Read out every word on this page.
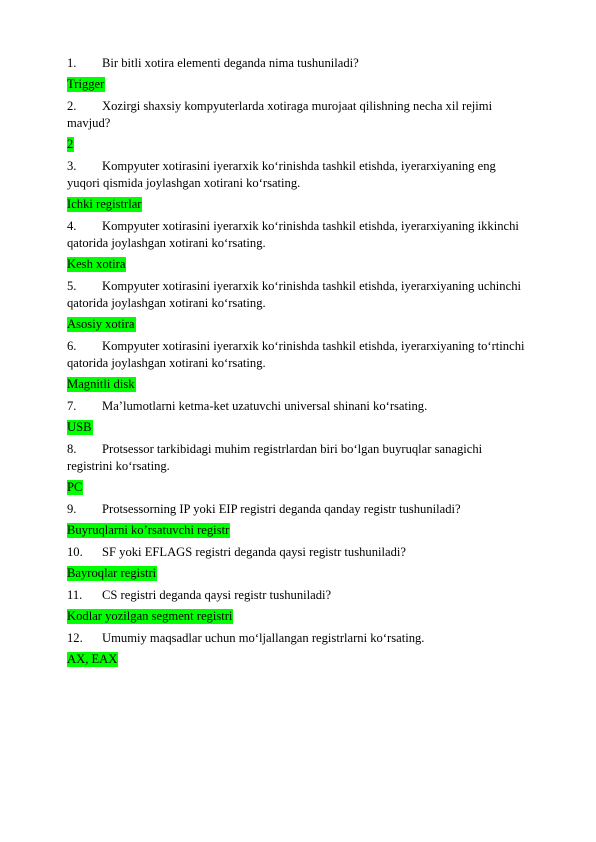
1. Bir bitli xotira elementi deganda nima tushuniladi?

Trigger

2. Xozirgi shaxsiy kompyuterlarda xotiraga murojaat qilishning necha xil rejimi mavjud?

2

3. Kompyuter xotirasini iyerarxik ko‘rinishda tashkil etishda, iyerarxiyaning eng yuqori qismida joylashgan xotirani ko‘rsating.

Ichki registrlar

4. Kompyuter xotirasini iyerarxik ko‘rinishda tashkil etishda, iyerarxiyaning ikkinchi qatorida joylashgan xotirani ko‘rsating.

Kesh xotira

5. Kompyuter xotirasini iyerarxik ko‘rinishda tashkil etishda, iyerarxiyaning uchinchi qatorida joylashgan xotirani ko‘rsating.

Asosiy xotira

6. Kompyuter xotirasini iyerarxik ko‘rinishda tashkil etishda, iyerarxiyaning to‘rtinchi qatorida joylashgan xotirani ko‘rsating.

Magnitli disk

7. Ma’lumotlarni ketma-ket uzatuvchi universal shinani ko‘rsating.

USB

8. Protsessor tarkibidagi muhim registrlardan biri bo‘lgan buyruqlar sanagichi registrini ko‘rsating.

PC

9. Protsessorning IP yoki EIP registri deganda qanday registr tushuniladi?

Buyruqlarni ko’rsatuvchi registr

10. SF yoki EFLAGS registri deganda qaysi registr tushuniladi?

Bayroqlar registri

11. CS registri deganda qaysi registr tushuniladi?

Kodlar yozilgan segment registri

12. Umumiy maqsadlar uchun mo‘ljallangan registrlarni ko‘rsating.

AX, EAX
